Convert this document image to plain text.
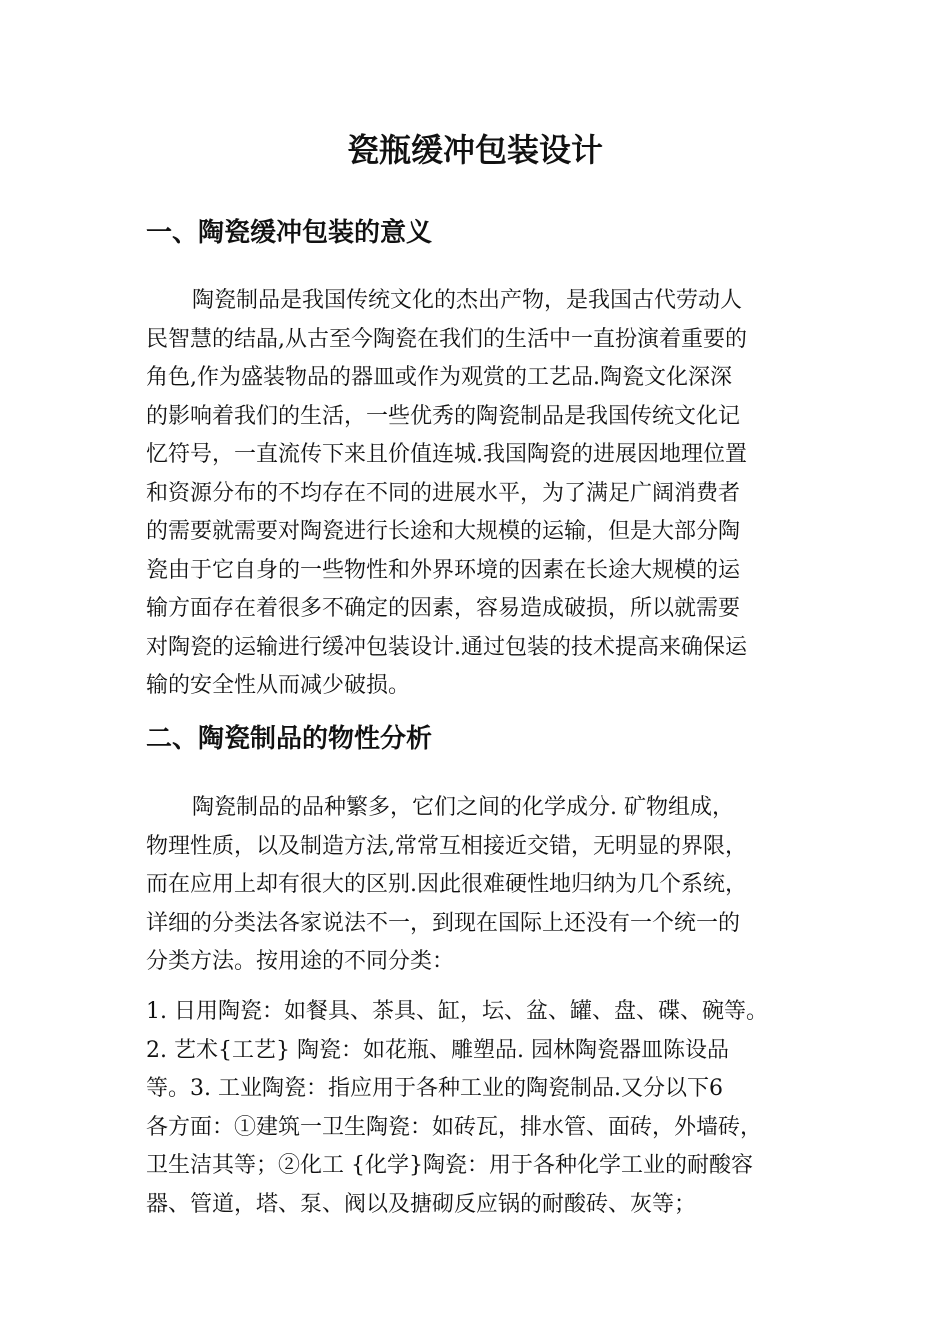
瓷瓶缓冲包装设计
一、陶瓷缓冲包装的意义

陶瓷制品是我国传统文化的杰出产物，是我国古代劳动人
民智慧的结晶,从古至今陶瓷在我们的生活中一直扮演着重要的
角色,作为盛装物品的器皿或作为观赏的工艺品.陶瓷文化深深
的影响着我们的生活，一些优秀的陶瓷制品是我国传统文化记
忆符号，一直流传下来且价值连城.我国陶瓷的进展因地理位置
和资源分布的不均存在不同的进展水平，为了满足广阔消费者
的需要就需要对陶瓷进行长途和大规模的运输，但是大部分陶
瓷由于它自身的一些物性和外界环境的因素在长途大规模的运
输方面存在着很多不确定的因素，容易造成破损，所以就需要
对陶瓷的运输进行缓冲包装设计.通过包装的技术提高来确保运
输的安全性从而减少破损。

二、陶瓷制品的物性分析

陶瓷制品的品种繁多，它们之间的化学成分. 矿物组成，
物理性质，以及制造方法,常常互相接近交错，无明显的界限，
而在应用上却有很大的区别.因此很难硬性地归纳为几个系统，
详细的分类法各家说法不一，到现在国际上还没有一个统一的
分类方法。按用途的不同分类：

1. 日用陶瓷：如餐具、茶具、缸，坛、盆、罐、盘、碟、碗等。
2. 艺术{工艺} 陶瓷：如花瓶、雕塑品. 园林陶瓷器皿陈设品
等。3. 工业陶瓷：指应用于各种工业的陶瓷制品.又分以下6
各方面：①建筑一卫生陶瓷：如砖瓦，排水管、面砖，外墙砖，
卫生洁其等；②化工 {化学}陶瓷：用于各种化学工业的耐酸容
器、管道，塔、泵、阀以及搪砌反应锅的耐酸砖、灰等；
